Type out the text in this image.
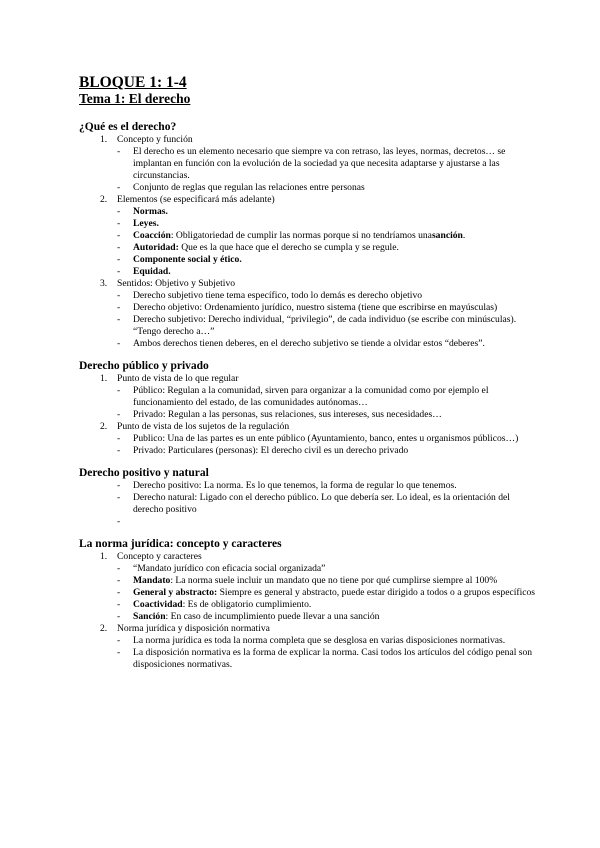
BLOQUE 1: 1-4
Tema 1: El derecho
¿Qué es el derecho?
1. Concepto y función
- El derecho es un elemento necesario que siempre va con retraso, las leyes, normas, decretos… se implantan en función con la evolución de la sociedad ya que necesita adaptarse y ajustarse a las circunstancias.
- Conjunto de reglas que regulan las relaciones entre personas
2. Elementos (se especificará más adelante)
- Normas.
- Leyes.
- Coacción: Obligatoriedad de cumplir las normas porque si no tendríamos unasanción.
- Autoridad: Que es la que hace que el derecho se cumpla y se regule.
- Componente social y ético.
- Equidad.
3. Sentidos: Objetivo y Subjetivo
- Derecho subjetivo tiene tema específico, todo lo demás es derecho objetivo
- Derecho objetivo: Ordenamiento jurídico, nuestro sistema (tiene que escribirse en mayúsculas)
- Derecho subjetivo: Derecho individual, “privilegio”, de cada individuo (se escribe con minúsculas). “Tengo derecho a…”
- Ambos derechos tienen deberes, en el derecho subjetivo se tiende a olvidar estos “deberes”.
Derecho público y privado
1. Punto de vista de lo que regular
- Público: Regulan a la comunidad, sirven para organizar a la comunidad como por ejemplo el funcionamiento del estado, de las comunidades autónomas…
- Privado: Regulan a las personas, sus relaciones, sus intereses, sus necesidades…
2. Punto de vista de los sujetos de la regulación
- Publico: Una de las partes es un ente público (Ayuntamiento, banco, entes u organismos públicos…)
- Privado: Particulares (personas): El derecho civil es un derecho privado
Derecho positivo y natural
- Derecho positivo: La norma. Es lo que tenemos, la forma de regular lo que tenemos.
- Derecho natural: Ligado con el derecho público. Lo que debería ser. Lo ideal, es la orientación del derecho positivo
-

La norma jurídica: concepto y caracteres
1. Concepto y caracteres
- “Mandato jurídico con eficacia social organizada”
- Mandato: La norma suele incluir un mandato que no tiene por qué cumplirse siempre al 100%
- General y abstracto: Siempre es general y abstracto, puede estar dirigido a todos o a grupos específicos
- Coactividad: Es de obligatorio cumplimiento.
- Sanción: En caso de incumplimiento puede llevar a una sanción
2. Norma jurídica y disposición normativa
- La norma jurídica es toda la norma completa que se desglosa en varias disposiciones normativas.
- La disposición normativa es la forma de explicar la norma. Casi todos los artículos del código penal son disposiciones normativas.
